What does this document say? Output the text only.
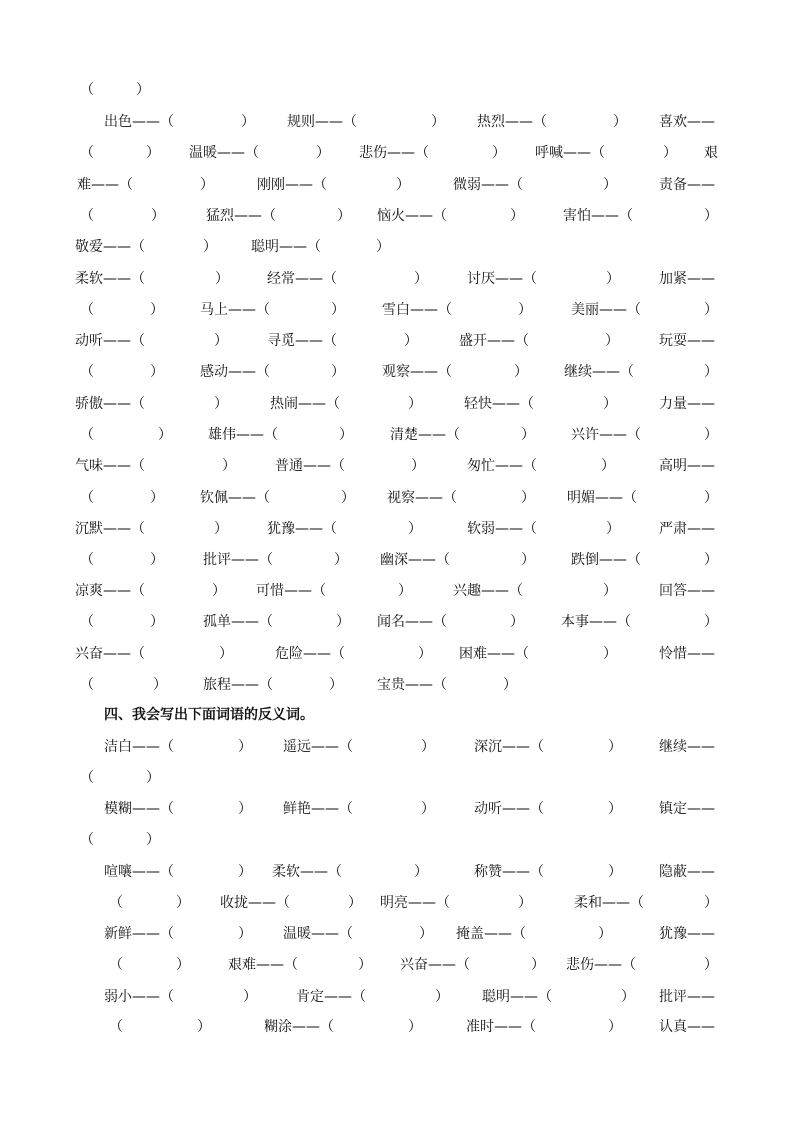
（　　　）
出色——（	） 规则——（	） 热烈——（	） 喜欢——
（	） 温暖——（	） 悲伤——（	） 呼喊——（	） 艰
难——（	）	刚刚——（	）	微弱——（	）	责备——
（	）	猛烈——（	） 恼火——（	）	害怕——（	）
敬爱——（	） 聪明——（	）
柔软——（	）	经常——（	）	讨厌——（	）	加紧——
（	）	马上——（	）	雪白——（	）	美丽——（	）
动听——（	）	寻觅——（	）	盛开——（	）	玩耍——
（	）	感动——（	）	观察——（	）	继续——（	）
骄傲——（	）	热闹——（	）	轻快——（	）	力量——
（	）	雄伟——（	）	清楚——（	）	兴许——（	）
气味——（	）	普通——（	）	匆忙——（	）	高明——
（	）	钦佩——（	） 视察——（	） 明媚——（	）
沉默——（	）	犹豫——（	）	软弱——（	）	严肃——
（	）	批评——（	） 幽深——（	）	跌倒——（	）
凉爽——（	） 可惜——（	）	兴趣——（	）	回答——
（	）	孤单——（	） 闻名——（	）	本事——（	）
兴奋——（	）	危险——（	） 困难——（	）	怜惜——
（	）	旅程——（	） 宝贵——（	）
四、我会写出下面词语的反义词。
洁白——（	） 遥远——（	）	深沉——（	）	继续——
（	）
模糊——（	） 鲜艳——（	）	动听——（	）	镇定——
（	）
喧嚷——（	） 柔软——（	）	称赞——（	）	隐蔽——
（	） 收拢——（	） 明亮——（	）	柔和——（	）
新鲜——（	） 温暖——（	） 掩盖——（	）	犹豫——
（	）	艰难——（	） 兴奋——（	） 悲伤——（	）
弱小——（	）	肯定——（	） 聪明——（	） 批评——
（	）	糊涂——（	）	准时——（	）	认真——
